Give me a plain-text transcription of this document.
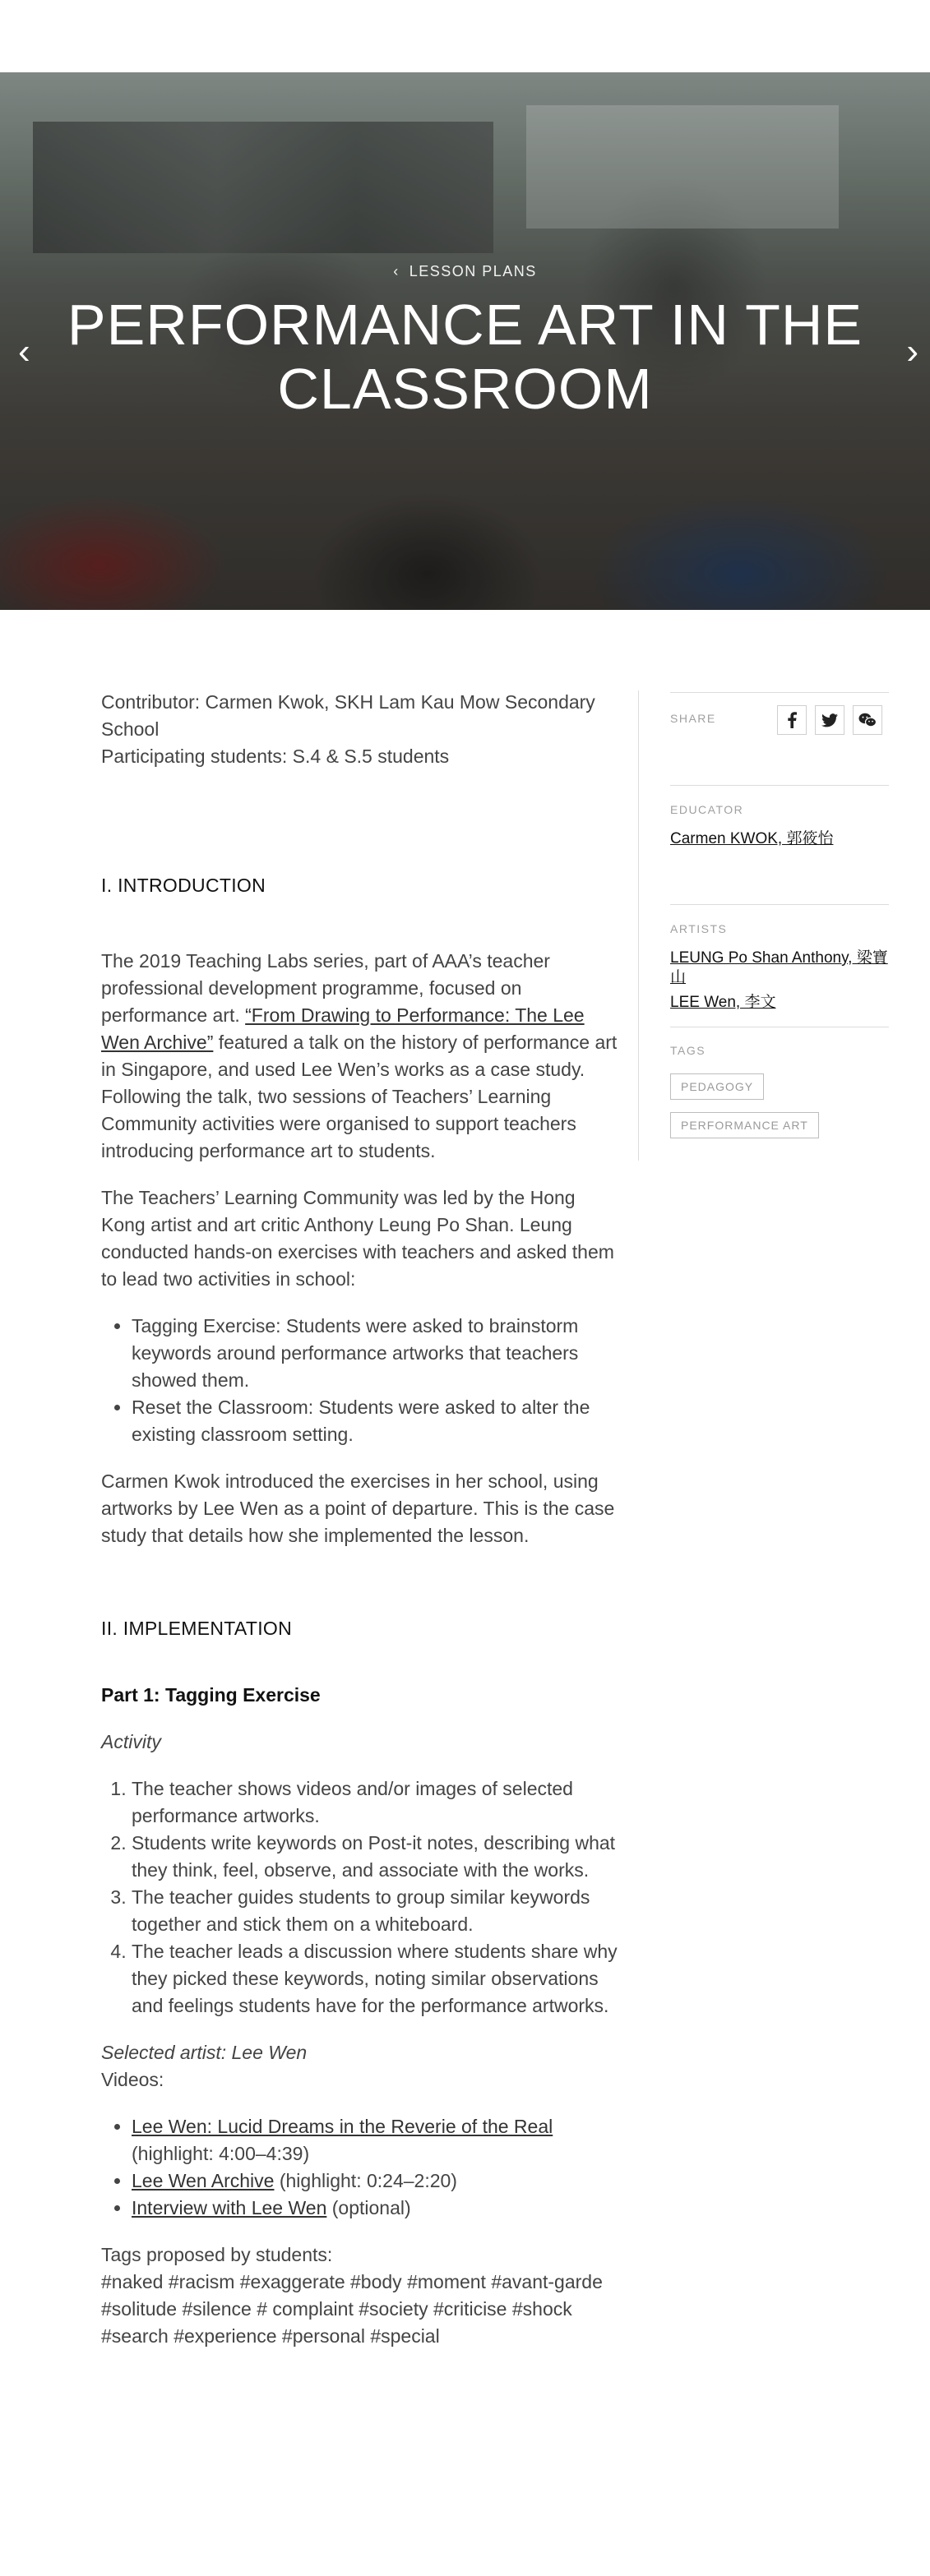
‹ LESSON PLANS
PERFORMANCE ART IN THE
CLASSROOM
‹	›

Contributor: Carmen Kwok, SKH Lam Kau Mow Secondary School

Participating students: S.4 & S.5 students

I. INTRODUCTION

The 2019 Teaching Labs series, part of AAA’s teacher professional development programme, focused on performance art. “From Drawing to Performance: The Lee Wen Archive” featured a talk on the history of performance art in Singapore, and used Lee Wen’s works as a case study. Following the talk, two sessions of Teachers’ Learning Community activities were organised to support teachers introducing performance art to students.

The Teachers’ Learning Community was led by the Hong Kong artist and art critic Anthony Leung Po Shan. Leung conducted hands-on exercises with teachers and asked them to lead two activities in school:

• Tagging Exercise: Students were asked to brainstorm keywords around performance artworks that teachers showed them.
• Reset the Classroom: Students were asked to alter the existing classroom setting.

Carmen Kwok introduced the exercises in her school, using artworks by Lee Wen as a point of departure. This is the case study that details how she implemented the lesson.

II. IMPLEMENTATION

Part 1: Tagging Exercise

Activity

1. The teacher shows videos and/or images of selected performance artworks.
2. Students write keywords on Post-it notes, describing what they think, feel, observe, and associate with the works.
3. The teacher guides students to group similar keywords together and stick them on a whiteboard.
4. The teacher leads a discussion where students share why they picked these keywords, noting similar observations and feelings students have for the performance artworks.

Selected artist: Lee Wen

Videos:

• Lee Wen: Lucid Dreams in the Reverie of the Real (highlight: 4:00–4:39)
• Lee Wen Archive (highlight: 0:24–2:20)
• Interview with Lee Wen (optional)

Tags proposed by students:

#naked #racism #exaggerate #body #moment #avant-garde

#solitude #silence # complaint #society #criticise #shock

#search #experience #personal #special

SHARE
EDUCATOR
Carmen KWOK, 郭筱怡
ARTISTS
LEUNG Po Shan Anthony, 梁寶山
LEE Wen, 李文
TAGS
PEDAGOGY
PERFORMANCE ART
